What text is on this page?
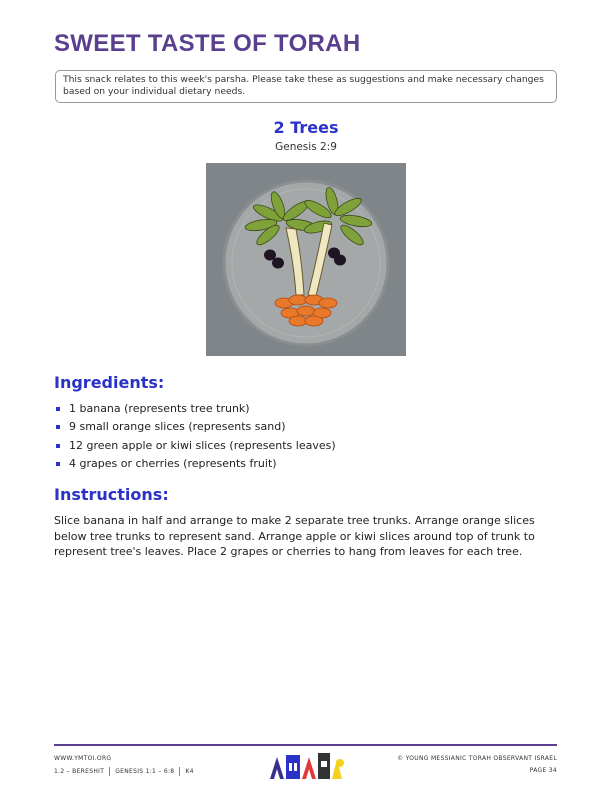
SWEET TASTE OF TORAH
This snack relates to this week's parsha. Please take these as suggestions and make necessary changes based on your individual dietary needs.
2 Trees
Genesis 2:9
Ingredients:
1 banana (represents tree trunk)
9 small orange slices (represents sand)
12 green apple or kiwi slices (represents leaves)
4 grapes or cherries (represents fruit)
Instructions:
Slice banana in half and arrange to make 2 separate tree trunks. Arrange orange slices below tree trunks to represent sand. Arrange apple or kiwi slices around top of trunk to represent tree's leaves. Place 2 grapes or cherries to hang from leaves for each tree.
WWW.YMTOI.ORG
1.2 – BERESHIT GENESIS 1:1 – 6:8 K4
© YOUNG MESSIANIC TORAH OBSERVANT ISRAEL
PAGE 34
